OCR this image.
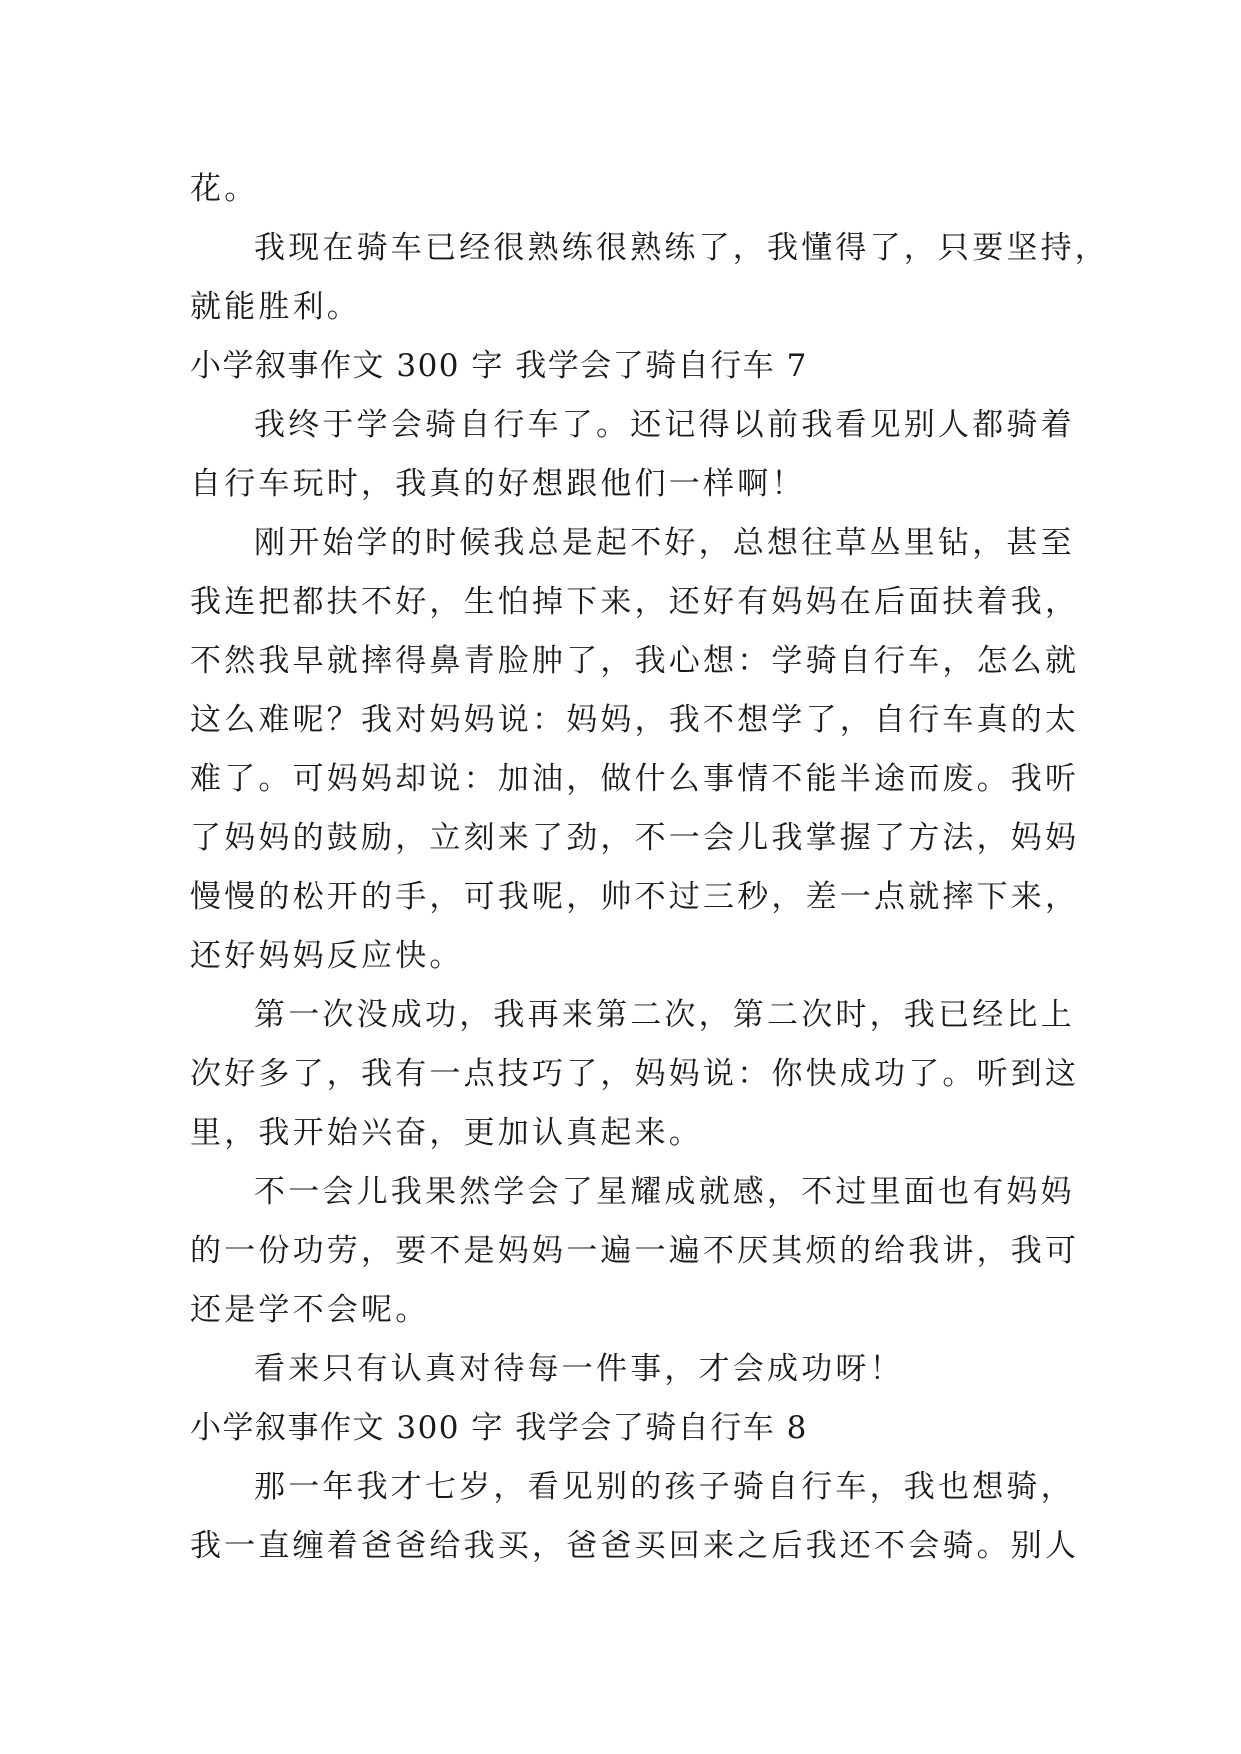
花。
我现在骑车已经很熟练很熟练了，我懂得了，只要坚持，
就能胜利。
小学叙事作文 300 字 我学会了骑自行车 7
我终于学会骑自行车了。还记得以前我看见别人都骑着
自行车玩时，我真的好想跟他们一样啊！
刚开始学的时候我总是起不好，总想往草丛里钻，甚至
我连把都扶不好，生怕掉下来，还好有妈妈在后面扶着我，
不然我早就摔得鼻青脸肿了，我心想：学骑自行车，怎么就
这么难呢？我对妈妈说：妈妈，我不想学了，自行车真的太
难了。可妈妈却说：加油，做什么事情不能半途而废。我听
了妈妈的鼓励，立刻来了劲，不一会儿我掌握了方法，妈妈
慢慢的松开的手，可我呢，帅不过三秒，差一点就摔下来，
还好妈妈反应快。
第一次没成功，我再来第二次，第二次时，我已经比上
次好多了，我有一点技巧了，妈妈说：你快成功了。听到这
里，我开始兴奋，更加认真起来。
不一会儿我果然学会了星耀成就感，不过里面也有妈妈
的一份功劳，要不是妈妈一遍一遍不厌其烦的给我讲，我可
还是学不会呢。
看来只有认真对待每一件事，才会成功呀！
小学叙事作文 300 字 我学会了骑自行车 8
那一年我才七岁，看见别的孩子骑自行车，我也想骑，
我一直缠着爸爸给我买，爸爸买回来之后我还不会骑。别人
